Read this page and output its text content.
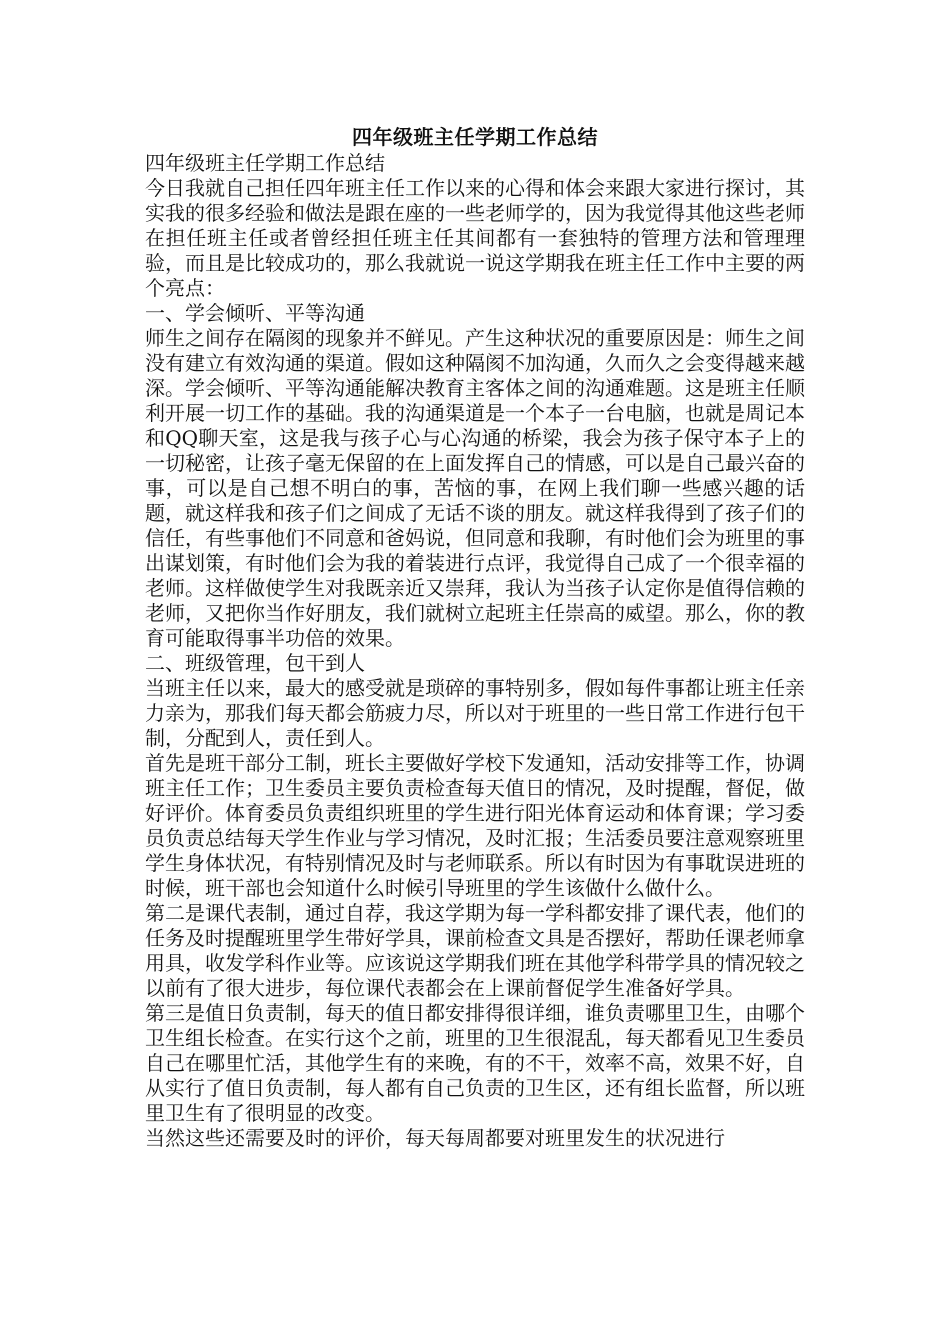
四年级班主任学期工作总结

四年级班主任学期工作总结

今日我就自己担任四年班主任工作以来的心得和体会来跟大家进行探讨，其实我的很多经验和做法是跟在座的一些老师学的，因为我觉得其他这些老师在担任班主任或者曾经担任班主任其间都有一套独特的管理方法和管理理验，而且是比较成功的，那么我就说一说这学期我在班主任工作中主要的两个亮点：

一、学会倾听、平等沟通

师生之间存在隔阂的现象并不鲜见。产生这种状况的重要原因是：师生之间没有建立有效沟通的渠道。假如这种隔阂不加沟通，久而久之会变得越来越深。学会倾听、平等沟通能解决教育主客体之间的沟通难题。这是班主任顺利开展一切工作的基础。我的沟通渠道是一个本子一台电脑，也就是周记本和QQ聊天室，这是我与孩子心与心沟通的桥梁，我会为孩子保守本子上的一切秘密，让孩子毫无保留的在上面发挥自己的情感，可以是自己最兴奋的事，可以是自己想不明白的事，苦恼的事，在网上我们聊一些感兴趣的话题，就这样我和孩子们之间成了无话不谈的朋友。就这样我得到了孩子们的信任，有些事他们不同意和爸妈说，但同意和我聊，有时他们会为班里的事出谋划策，有时他们会为我的着装进行点评，我觉得自己成了一个很幸福的老师。这样做使学生对我既亲近又崇拜，我认为当孩子认定你是值得信赖的老师，又把你当作好朋友，我们就树立起班主任崇高的威望。那么，你的教育可能取得事半功倍的效果。

二、班级管理，包干到人

当班主任以来，最大的感受就是琐碎的事特别多，假如每件事都让班主任亲力亲为，那我们每天都会筋疲力尽，所以对于班里的一些日常工作进行包干制，分配到人，责任到人。

首先是班干部分工制，班长主要做好学校下发通知，活动安排等工作，协调班主任工作；卫生委员主要负责检查每天值日的情况，及时提醒，督促，做好评价。体育委员负责组织班里的学生进行阳光体育运动和体育课；学习委员负责总结每天学生作业与学习情况，及时汇报；生活委员要注意观察班里学生身体状况，有特别情况及时与老师联系。所以有时因为有事耽误进班的时候，班干部也会知道什么时候引导班里的学生该做什么做什么。

第二是课代表制，通过自荐，我这学期为每一学科都安排了课代表，他们的任务及时提醒班里学生带好学具，课前检查文具是否摆好，帮助任课老师拿用具，收发学科作业等。应该说这学期我们班在其他学科带学具的情况较之以前有了很大进步，每位课代表都会在上课前督促学生准备好学具。

第三是值日负责制，每天的值日都安排得很详细，谁负责哪里卫生，由哪个卫生组长检查。在实行这个之前，班里的卫生很混乱，每天都看见卫生委员自己在哪里忙活，其他学生有的来晚，有的不干，效率不高，效果不好，自从实行了值日负责制，每人都有自己负责的卫生区，还有组长监督，所以班里卫生有了很明显的改变。

当然这些还需要及时的评价，每天每周都要对班里发生的状况进行
